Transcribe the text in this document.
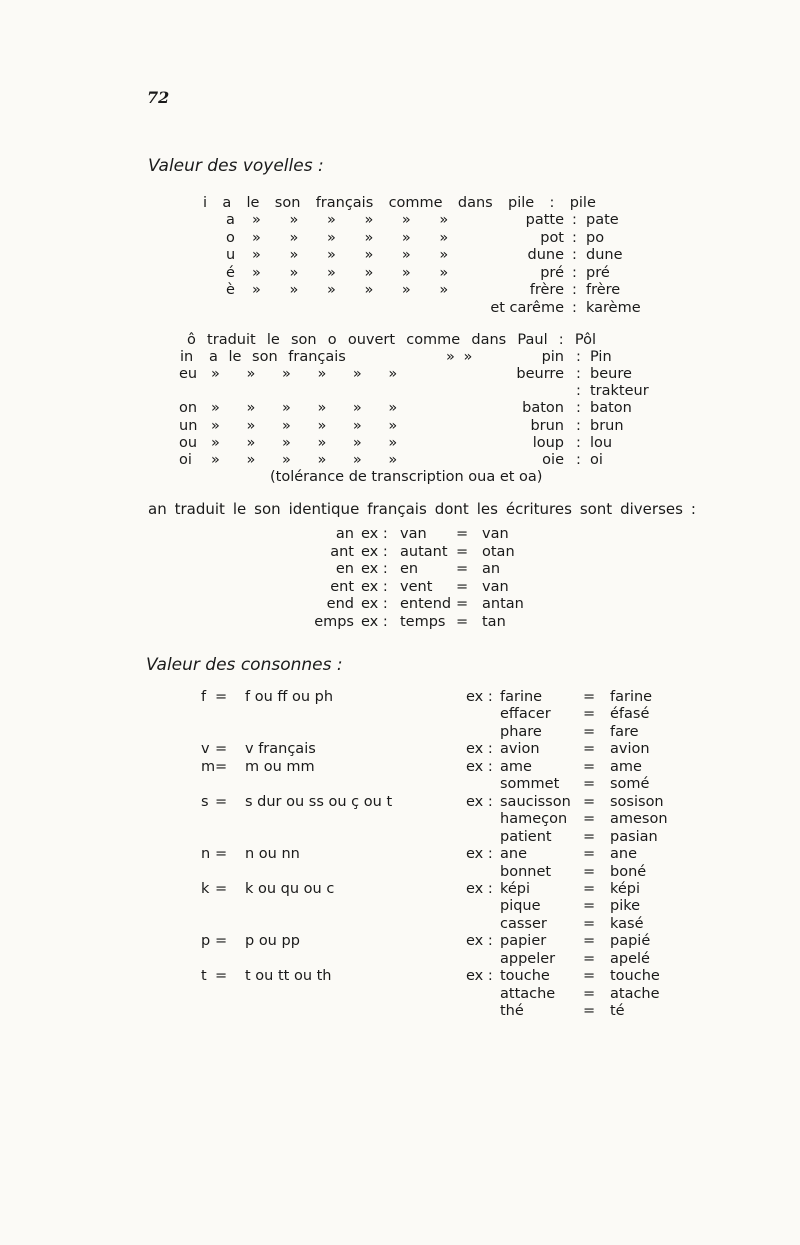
72
Valeur des voyelles :
i a le son français comme dans pile : pile
a » » » » » »	patte : pate
o » » » » » »	pot : po
u » » » » » »	dune : dune
é » » » » » »	pré : pré
è » » » » » »	frère : frère
et carême : karème
ô traduit le son o ouvert comme dans Paul : Pôl
in a le son français	» »	pin : Pin
eu » » » » » »	beurre : beure
: trakteur
on » » » » » »	baton : baton
un » » » » » »	brun : brun
ou » » » » » »	loup : lou
oi » » » » » »	oie : oi
(tolérance de transcription oua et oa)
an traduit le son identique français dont les écritures sont diverses :
an ex : van = van
ant ex : autant = otan
en ex : en	= an
ent ex : vent = van
end ex : entend = antan
emps ex : temps = tan
Valeur des consonnes :
f = f ou ff ou ph	ex : farine	= farine
effacer = éfasé
phare	= fare
v = v français	ex : avion	= avion
m = m ou mm	ex : ame	= ame
sommet = somé
s = s dur ou ss ou ç ou t	ex : saucisson = sosison
hameçon = ameson
patient = pasian
n = n ou nn	ex : ane	= ane
bonnet = boné
k = k ou qu ou c	ex : képi	= képi
pique	= pike
casser = kasé
p = p ou pp	ex : papier	= papié
appeler = apelé
t = t ou tt ou th	ex : touche = touche
attache = atache
thé	= té
